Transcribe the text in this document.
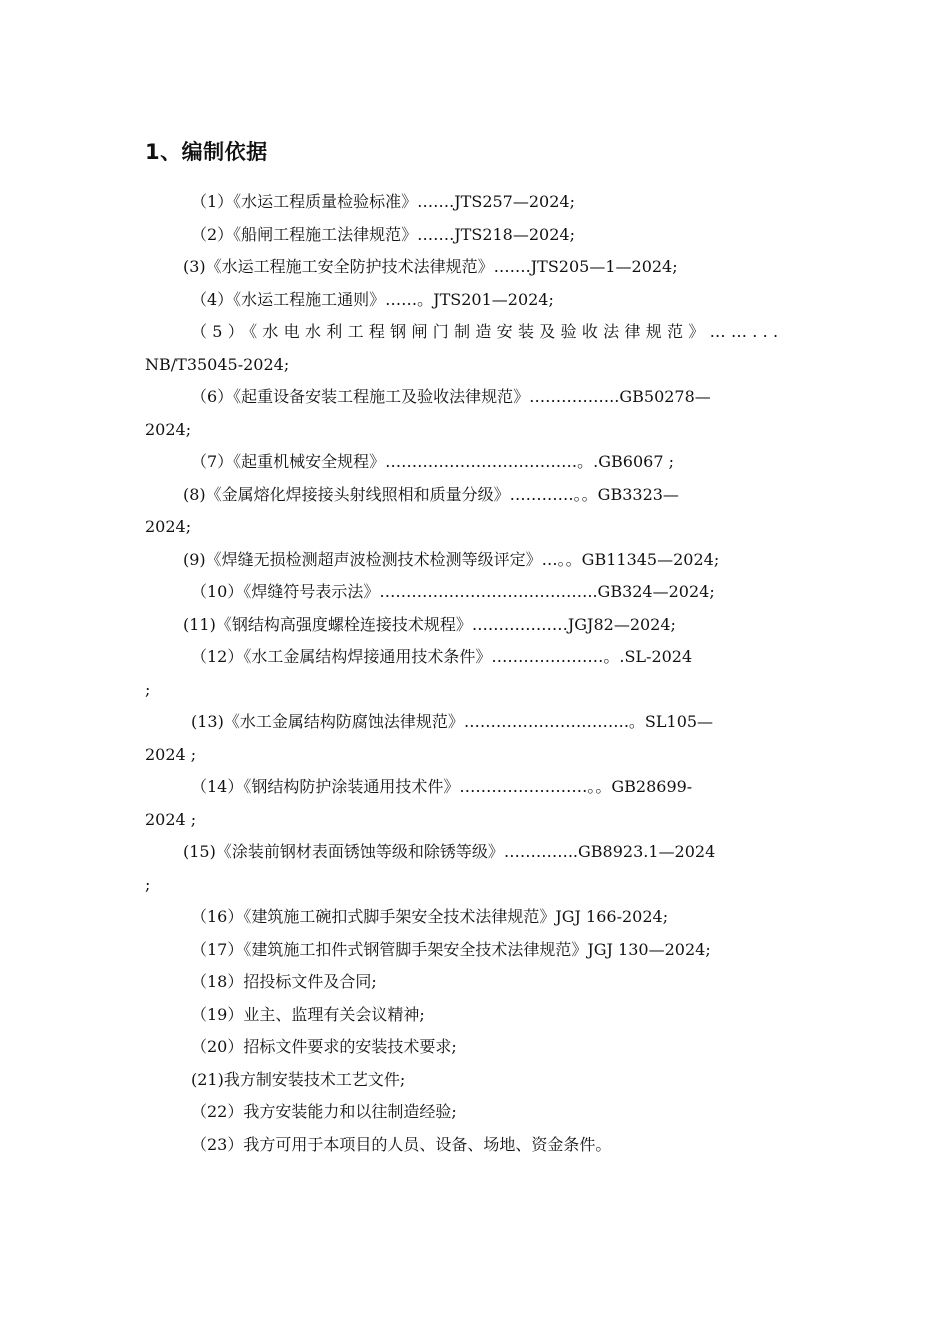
1、编制依据
（1）《水运工程质量检验标准》…….JTS257—2024;
（2）《船闸工程施工法律规范》…….JTS218—2024;
(3)《水运工程施工安全防护技术法律规范》…….JTS205—1—2024;
（4）《水运工程施工通则》……。JTS201—2024;
（5）《水电水利工程钢闸门制造安装及验收法律规范》……...
NB/T35045-2024;
（6）《起重设备安装工程施工及验收法律规范》……………..GB50278—
2024;
（7）《起重机械安全规程》………………………………。.GB6067 ;
(8)《金属熔化焊接接头射线照相和质量分级》…………。。GB3323—
2024;
(9)《焊缝无损检测超声波检测技术检测等级评定》…。。GB11345—2024;
（10）《焊缝符号表示法》…………………………………..GB324—2024;
(11)《钢结构高强度螺栓连接技术规程》………………JGJ82—2024;
（12）《水工金属结构焊接通用技术条件》…………………。.SL-2024
;
(13)《水工金属结构防腐蚀法律规范》………………………….。SL105—
2024 ;
（14）《钢结构防护涂装通用技术件》……………………。。GB28699-
2024 ;
(15)《涂装前钢材表面锈蚀等级和除锈等级》…………..GB8923.1—2024
;
（16）《建筑施工碗扣式脚手架安全技术法律规范》JGJ 166-2024;
（17）《建筑施工扣件式钢管脚手架安全技术法律规范》JGJ 130—2024;
（18）招投标文件及合同;
（19）业主、监理有关会议精神;
（20）招标文件要求的安装技术要求;
(21)我方制安装技术工艺文件;
（22）我方安装能力和以往制造经验;
（23）我方可用于本项目的人员、设备、场地、资金条件。
